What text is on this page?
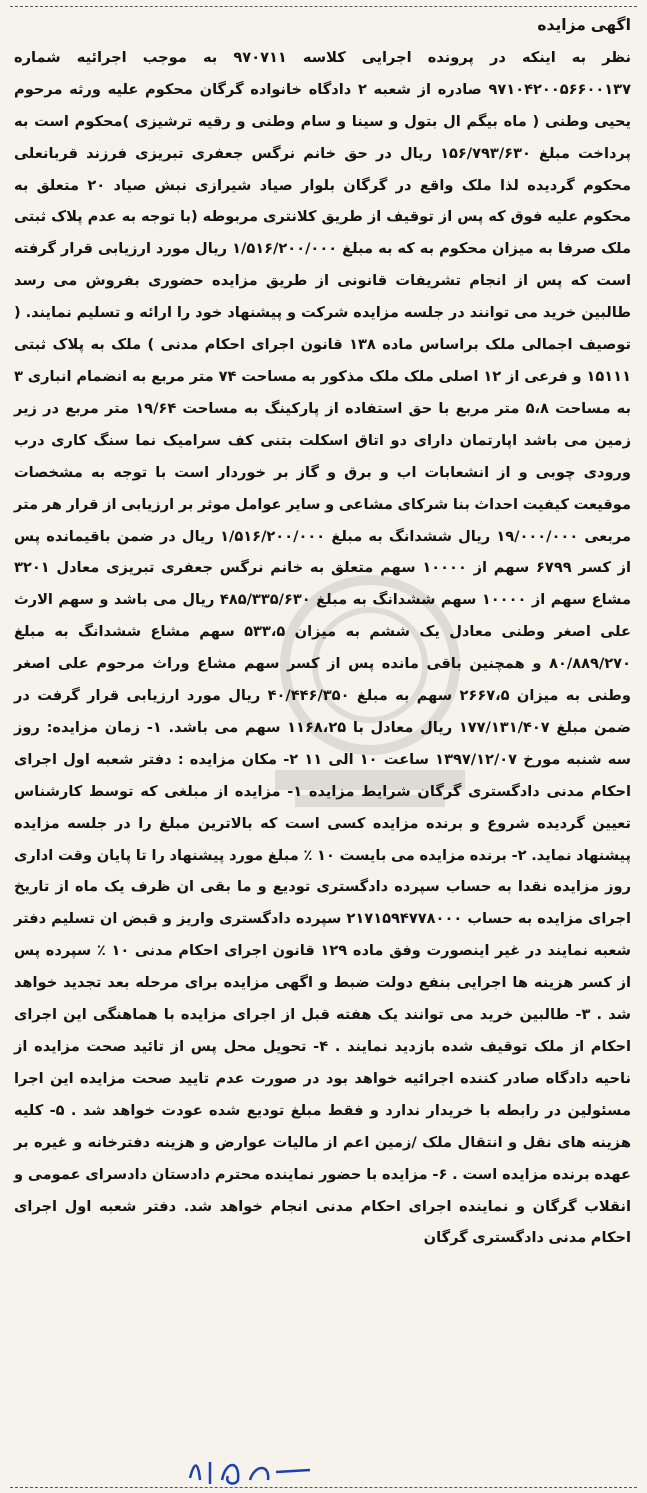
اگهی مزایده

نظر به اینکه در پرونده اجرایی کلاسه ۹۷۰۷۱۱ به موجب اجرائیه شماره ۹۷۱۰۴۲۰۰۵۶۶۰۰۱۳۷ صادره از شعبه ۲ دادگاه خانواده گرگان محکوم علیه ورثه مرحوم یحیی وطنی ( ماه بیگم ال بتول و سینا و سام وطنی و رقیه ترشیزی )محکوم است به پرداخت مبلغ ۱۵۶/۷۹۳/۶۳۰ ریال در حق خانم نرگس جعفری تبریزی فرزند قربانعلی محکوم گردیده لذا ملک واقع در گرگان بلوار صیاد شیرازی نبش صیاد ۲۰ متعلق به محکوم علیه فوق که پس از توقیف از طریق کلانتری مربوطه (با توجه به عدم پلاک ثبتی ملک صرفا به میزان محکوم به که به مبلغ ۱/۵۱۶/۲۰۰/۰۰۰ ریال مورد ارزیابی قرار گرفته است که پس از انجام تشریفات قانونی از طریق مزایده حضوری بفروش می رسد طالبین خرید می توانند در جلسه مزایده شرکت و پیشنهاد خود را ارائه و تسلیم نمایند. ( توصیف اجمالی ملک براساس ماده ۱۳۸ قانون اجرای احکام مدنی ) ملک به پلاک ثبتی ۱۵۱۱۱ و فرعی از ۱۲ اصلی ملک ملک مذکور به مساحت ۷۴ متر مربع به انضمام انباری ۳ به مساحت ۵،۸ متر مربع با حق استفاده از پارکینگ به مساحت ۱۹/۶۴ متر مربع در زیر زمین می باشد اپارتمان دارای دو اتاق اسکلت بتنی کف سرامیک نما سنگ کاری درب ورودی چوبی و از انشعابات اب و برق و گاز بر خوردار است با توجه به مشخصات موقیعت کیفیت احداث بنا شرکای مشاعی و سایر عوامل موثر بر ارزیابی از قرار هر متر مربعی ۱۹/۰۰۰/۰۰۰ ریال ششدانگ به مبلغ ۱/۵۱۶/۲۰۰/۰۰۰ ریال در ضمن باقیمانده پس از کسر ۶۷۹۹ سهم از ۱۰۰۰۰ سهم متعلق به خانم نرگس جعفری تبریزی معادل ۳۲۰۱ مشاع سهم از ۱۰۰۰۰ سهم ششدانگ به مبلغ ۴۸۵/۳۳۵/۶۳۰ ریال می باشد و سهم الارث علی اصغر وطنی معادل یک ششم به میزان ۵۳۳،۵ سهم مشاع ششدانگ به مبلغ ۸۰/۸۸۹/۲۷۰ و همچنین باقی مانده پس از کسر سهم مشاع وراث مرحوم علی اصغر وطنی به میزان ۲۶۶۷،۵ سهم به مبلغ ۴۰/۴۴۶/۳۵۰ ریال مورد ارزیابی قرار گرفت در ضمن مبلغ ۱۷۷/۱۳۱/۴۰۷ ریال معادل با ۱۱۶۸،۲۵ سهم می باشد. ۱- زمان مزایده: روز سه شنبه مورخ ۱۳۹۷/۱۲/۰۷ ساعت ۱۰ الی ۱۱ ۲- مکان مزایده : دفتر شعبه اول اجرای احکام مدنی دادگستری گرگان شرایط مزایده ۱- مزایده از مبلغی که توسط کارشناس تعیین گردیده شروع و برنده مزایده کسی است که بالاترین مبلغ را در جلسه مزایده پیشنهاد نماید. ۲- برنده مزایده می بایست ۱۰ ٪ مبلغ مورد پیشنهاد را تا پایان وقت اداری روز مزایده نقدا به حساب سپرده دادگستری تودیع و ما بقی ان ظرف یک ماه از تاریخ اجرای مزایده به حساب ۲۱۷۱۵۹۴۷۷۸۰۰۰ سپرده دادگستری واریز و قبض ان تسلیم دفتر شعبه نمایند در غیر اینصورت وفق ماده ۱۲۹ قانون اجرای احکام مدنی ۱۰ ٪ سپرده پس از کسر هزینه ها اجرایی بنفع دولت ضبط و اگهی مزایده برای مرحله بعد تجدید خواهد شد . ۳- طالبین خرید می توانند یک هفته قبل از اجرای مزایده با هماهنگی این اجرای احکام از ملک توقیف شده بازدید نمایند . ۴- تحویل محل پس از تائید صحت مزایده از ناحیه دادگاه صادر کننده اجرائیه خواهد بود در صورت عدم تایید صحت مزایده این اجرا مسئولین در رابطه با خریدار ندارد و فقط مبلغ تودیع شده عودت خواهد شد . ۵- کلیه هزینه های نقل و انتقال ملک /زمین اعم از مالیات عوارض و هزینه دفترخانه و غیره بر عهده برنده مزایده است . ۶- مزایده با حضور نماینده محترم دادستان دادسرای عمومی و انقلاب گرگان و نماینده اجرای احکام مدنی انجام خواهد شد. دفتر شعبه اول اجرای احکام مدنی دادگستری گرگان
